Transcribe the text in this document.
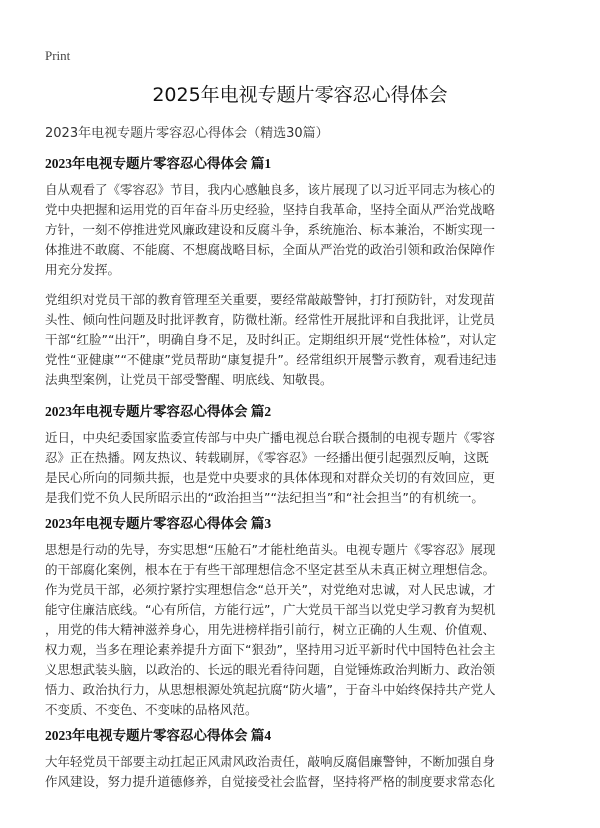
Print
2025年电视专题片零容忍心得体会
2023年电视专题片零容忍心得体会（精选30篇）
2023年电视专题片零容忍心得体会 篇1
自从观看了《零容忍》节目，我内心感触良多，该片展现了以习近平同志为核心的
党中央把握和运用党的百年奋斗历史经验，坚持自我革命，坚持全面从严治党战略
方针，一刻不停推进党风廉政建设和反腐斗争，系统施治、标本兼治，不断实现一
体推进不敢腐、不能腐、不想腐战略目标，全面从严治党的政治引领和政治保障作
用充分发挥。
党组织对党员干部的教育管理至关重要，要经常敲敲警钟，打打预防针，对发现苗
头性、倾向性问题及时批评教育，防微杜渐。经常性开展批评和自我批评，让党员
干部“红脸”“出汗”，明确自身不足，及时纠正。定期组织开展“党性体检”，对认定
党性“亚健康”“不健康”党员帮助“康复提升”。经常组织开展警示教育，观看违纪违
法典型案例，让党员干部受警醒、明底线、知敬畏。
2023年电视专题片零容忍心得体会 篇2
近日，中央纪委国家监委宣传部与中央广播电视总台联合摄制的电视专题片《零容
忍》正在热播。网友热议、转载刷屏，《零容忍》一经播出便引起强烈反响，这既
是民心所向的同频共振，也是党中央要求的具体体现和对群众关切的有效回应，更
是我们党不负人民所昭示出的“政治担当”“法纪担当”和“社会担当”的有机统一。
2023年电视专题片零容忍心得体会 篇3
思想是行动的先导，夯实思想“压舱石”才能杜绝苗头。电视专题片《零容忍》展现
的干部腐化案例，根本在于有些干部理想信念不坚定甚至从未真正树立理想信念。
作为党员干部，必须拧紧拧实理想信念“总开关”，对党绝对忠诚，对人民忠诚，才
能守住廉洁底线。“心有所信，方能行远”，广大党员干部当以党史学习教育为契机
，用党的伟大精神滋养身心，用先进榜样指引前行，树立正确的人生观、价值观、
权力观，当多在理论素养提升方面下“狠劲”，坚持用习近平新时代中国特色社会主
义思想武装头脑，以政治的、长远的眼光看待问题，自觉锤炼政治判断力、政治领
悟力、政治执行力，从思想根源处筑起抗腐“防火墙”，于奋斗中始终保持共产党人
不变质、不变色、不变味的品格风范。
2023年电视专题片零容忍心得体会 篇4
大年轻党员干部要主动扛起正风肃风政治责任，敲响反腐倡廉警钟，不断加强自身
作风建设，努力提升道德修养，自觉接受社会监督，坚持将严格的制度要求常态化
